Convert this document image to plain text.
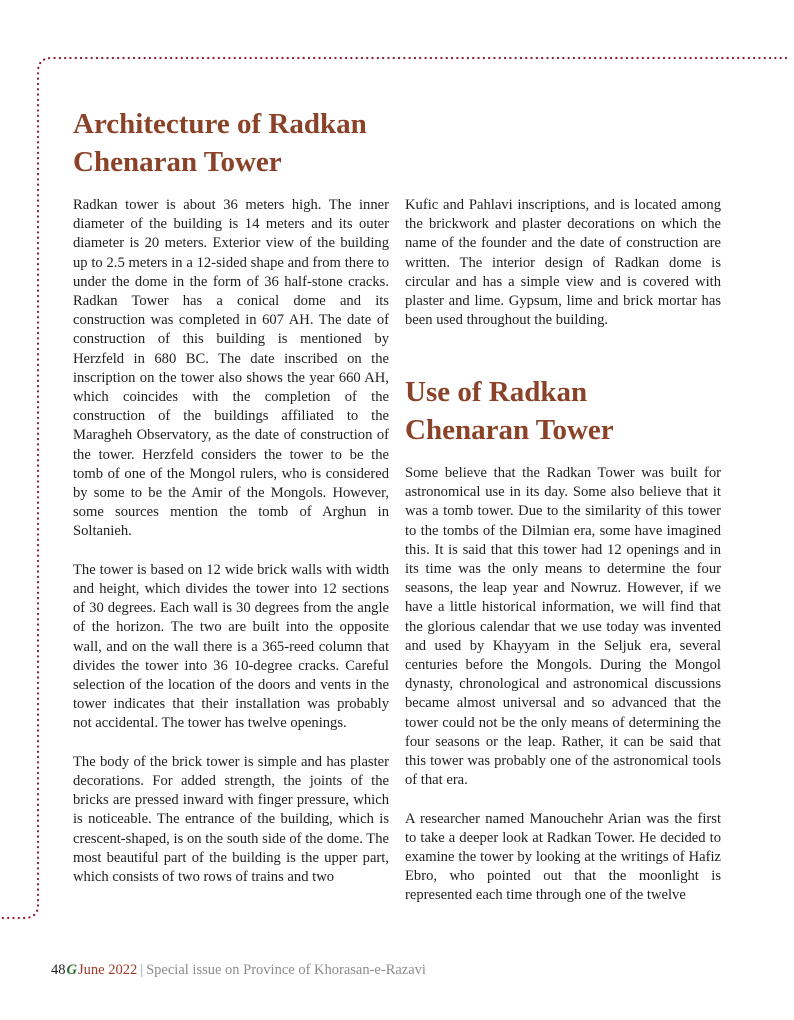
Architecture of Radkan
Chenaran Tower

Radkan tower is about 36 meters high. The inner diameter of the building is 14 meters and its outer diameter is 20 meters. Exterior view of the building up to 2.5 meters in a 12-sided shape and from there to under the dome in the form of 36 half-stone cracks. Radkan Tower has a conical dome and its construction was completed in 607 AH. The date of construction of this building is mentioned by Herzfeld in 680 BC. The date inscribed on the inscription on the tower also shows the year 660 AH, which coincides with the completion of the construction of the buildings affiliated to the Maragheh Observatory, as the date of construction of the tower. Herzfeld considers the tower to be the tomb of one of the Mongol rulers, who is considered by some to be the Amir of the Mongols. However, some sources mention the tomb of Arghun in Soltanieh.

The tower is based on 12 wide brick walls with width and height, which divides the tower into 12 sections of 30 degrees. Each wall is 30 degrees from the angle of the horizon. The two are built into the opposite wall, and on the wall there is a 365-reed column that divides the tower into 36 10-degree cracks. Careful selection of the location of the doors and vents in the tower indicates that their installation was probably not accidental. The tower has twelve openings.

The body of the brick tower is simple and has plaster decorations. For added strength, the joints of the bricks are pressed inward with finger pressure, which is noticeable. The entrance of the building, which is crescent-shaped, is on the south side of the dome. The most beautiful part of the building is the upper part, which consists of two rows of trains and two

Kufic and Pahlavi inscriptions, and is located among the brickwork and plaster decorations on which the name of the founder and the date of construction are written. The interior design of Radkan dome is circular and has a simple view and is covered with plaster and lime. Gypsum, lime and brick mortar has been used throughout the building.

Use of Radkan
Chenaran Tower

Some believe that the Radkan Tower was built for astronomical use in its day. Some also believe that it was a tomb tower. Due to the similarity of this tower to the tombs of the Dilmian era, some have imagined this. It is said that this tower had 12 openings and in its time was the only means to determine the four seasons, the leap year and Nowruz. However, if we have a little historical information, we will find that the glorious calendar that we use today was invented and used by Khayyam in the Seljuk era, several centuries before the Mongols. During the Mongol dynasty, chronological and astronomical discussions became almost universal and so advanced that the tower could not be the only means of determining the four seasons or the leap. Rather, it can be said that this tower was probably one of the astronomical tools of that era.

A researcher named Manouchehr Arian was the first to take a deeper look at Radkan Tower. He decided to examine the tower by looking at the writings of Hafiz Ebro, who pointed out that the moonlight is represented each time through one of the twelve

48GJune 2022 | Special issue on Province of Khorasan-e-Razavi
